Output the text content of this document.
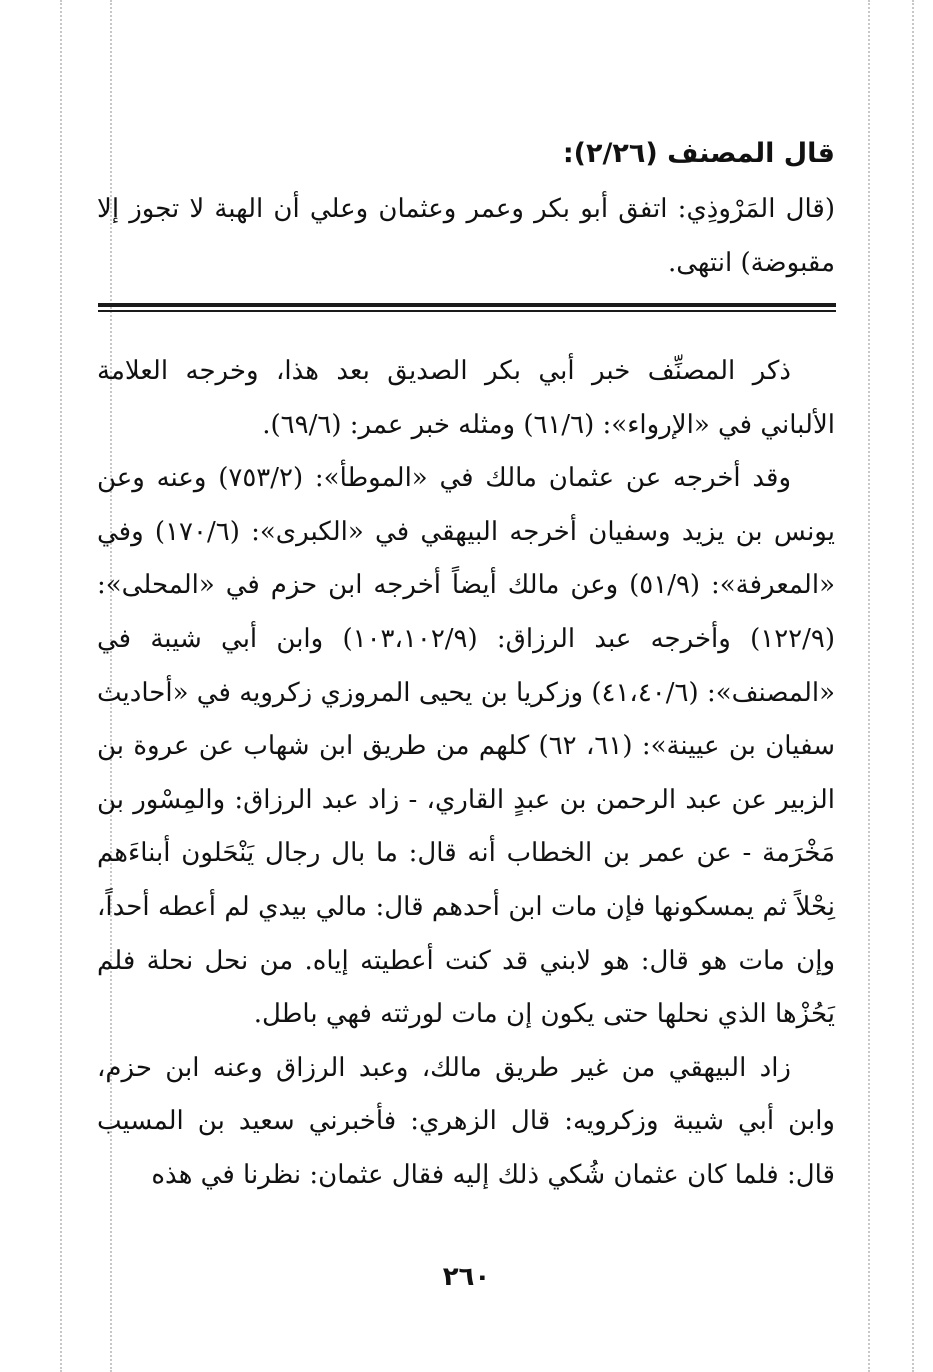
قال المصنف (٢/٢٦):

(قال المَرْوذِي: اتفق أبو بكر وعمر وعثمان وعلي أن الهبة لا تجوز إلا مقبوضة) انتهى.

ذكر المصنِّف خبر أبي بكر الصديق بعد هذا، وخرجه العلامة الألباني في «الإرواء»: (٦١/٦) ومثله خبر عمر: (٦٩/٦).

وقد أخرجه عن عثمان مالك في «الموطأ»: (٧٥٣/٢) وعنه وعن يونس بن يزيد وسفيان أخرجه البيهقي في «الكبرى»: (١٧٠/٦) وفي «المعرفة»: (٥١/٩) وعن مالك أيضاً أخرجه ابن حزم في «المحلى»: (١٢٢/٩) وأخرجه عبد الرزاق: (١٠٣،١٠٢/٩) وابن أبي شيبة في «المصنف»: (٤١،٤٠/٦) وزكريا بن يحيى المروزي زكرويه في «أحاديث سفيان بن عيينة»: (٦١، ٦٢) كلهم من طريق ابن شهاب عن عروة بن الزبير عن عبد الرحمن بن عبدٍ القاري، - زاد عبد الرزاق: والمِسْور بن مَخْرَمة - عن عمر بن الخطاب أنه قال: ما بال رجال يَنْحَلون أبناءَهم نِحْلاً ثم يمسكونها فإن مات ابن أحدهم قال: مالي بيدي لم أعطه أحداً، وإن مات هو قال: هو لابني قد كنت أعطيته إياه. من نحل نحلة فلم يَحُزْها الذي نحلها حتى يكون إن مات لورثته فهي باطل.

زاد البيهقي من غير طريق مالك، وعبد الرزاق وعنه ابن حزم، وابن أبي شيبة وزكرويه: قال الزهري: فأخبرني سعيد بن المسيب قال: فلما كان عثمان شُكي ذلك إليه فقال عثمان: نظرنا في هذه

٢٦٠
